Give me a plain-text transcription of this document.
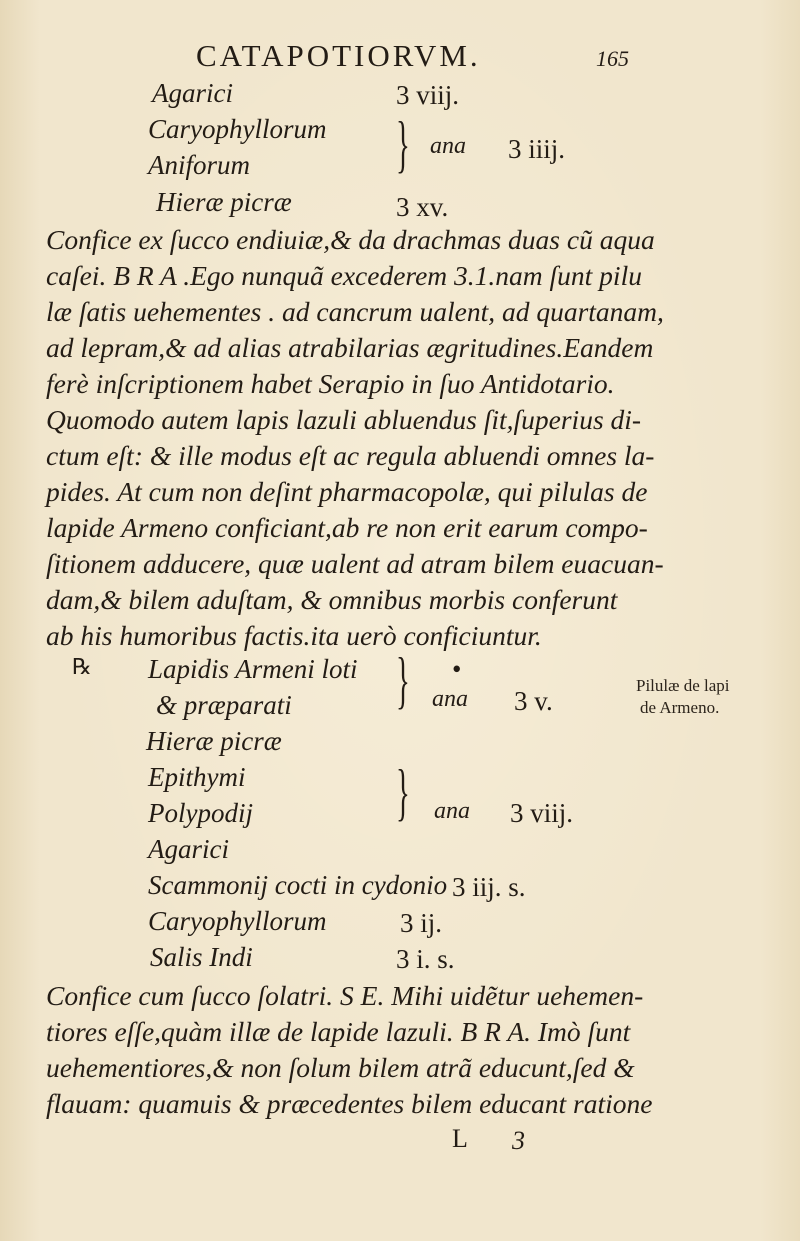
CATAPOTIORVM.	165
Agarici	3 viij.
Caryophyllorum
Aniforum } ana 3 iiij.
Hieræ picræ	3 xv.
Confice ex ſucco endiuiæ,& da drachmas duas cũ aqua
caſei. B R A .Ego nunquã excederem 3.1.nam ſunt pilu
læ ſatis uehementes . ad cancrum ualent, ad quartanam,
ad lepram,& ad alias atrabilarias ægritudines.Eandem
ferè inſcriptionem habet Serapio in ſuo Antidotario.
Quomodo autem lapis lazuli abluendus ſit,ſuperius di-
ctum eſt: & ille modus eſt ac regula abluendi omnes la-
pides. At cum non deſint pharmacopolæ, qui pilulas de
lapide Armeno conficiant,ab re non erit earum compo-
ſitionem adducere, quæ ualent ad atram bilem euacuan-
dam,& bilem aduſtam, & omnibus morbis conferunt
ab his humoribus factis.ita uerò conficiuntur.
℞ Lapidis Armeni loti	•
& præparati
Hieræ picræ
} ana 3 v.
Epithymi
Polypodij
Agarici
} ana 3 viij.
Scammonij cocti in cydonio 3 iij. s.
Caryophyllorum	3 ij.
Salis Indi	3 i. s.
Pilulæ de lapi
de Armeno.
Confice cum ſucco ſolatri. S E. Mihi uidẽtur uehemen-
tiores eſſe,quàm illæ de lapide lazuli. B R A. Imò ſunt
uehementiores,& non ſolum bilem atrã educunt,ſed &
flauam: quamuis & præcedentes bilem educant ratione
L 3
